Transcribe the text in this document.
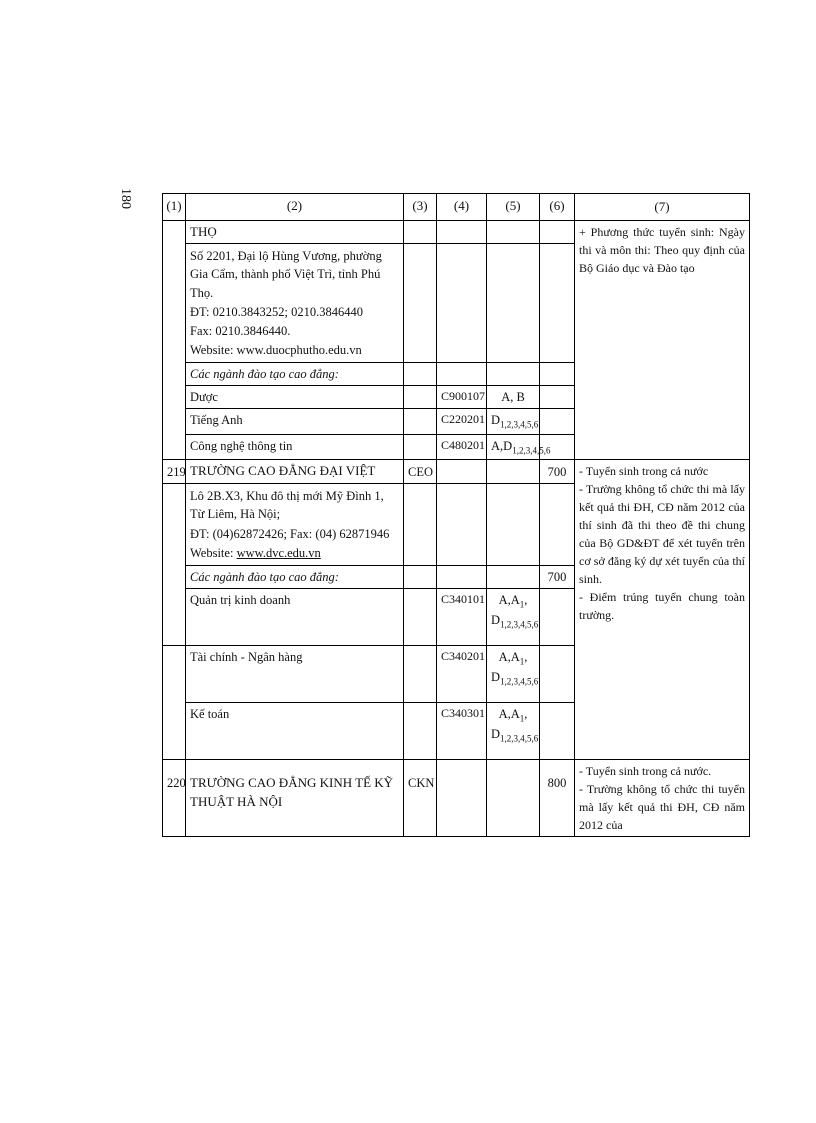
180	(1)	(2)	(3)	(4)	(5)	(6)	(7)
	THỌ					+ Phương thức tuyển sinh: Ngày thi và môn thi: Theo quy định của Bộ Giáo dục và Đào tạo

	Số 2201, Đại lộ Hùng Vương, phường Gia Cẩm, thành phố Việt Trì, tỉnh Phú Thọ.
ĐT: 0210.3843252; 0210.3846440
Fax: 0210.3846440.
Website: www.duocphutho.edu.vn					

	Các ngành đào tạo cao đẳng:					
	Dược		C900107	A, B		
	Tiếng Anh		C220201	$D_{1,2,3,4,5,6}$	
	Công nghệ thông tin		C480201	$A,D_{1,2,3,4,5,6}$	
219	TRƯỜNG CAO ĐẲNG ĐẠI VIỆT	CEO			700	- Tuyển sinh trong cả nước
- Trường không tổ chức thi mà lấy kết quả thi ĐH, CĐ năm 2012 của thí sinh đã thi theo đề thi chung của Bộ GD&ĐT để xét tuyển trên cơ sở đăng ký dự xét tuyển của thí sinh.
- Điểm trúng tuyển chung toàn trường.

	Lô 2B.X3, Khu đô thị mới Mỹ Đình 1, Từ Liêm, Hà Nội;
ĐT: (04)62872426; Fax: (04) 62871946
Website: www.dvc.edu.vn					

	Các ngành đào tạo cao đẳng:				700	
	Quản trị kinh doanh		C340101	$A,A_1$,
$D_{1,2,3,4,5,6}$

	Tài chính - Ngân hàng		C340201	$A,A_1$,
$D_{1,2,3,4,5,6}$

	Kế toán		C340301	$A,A_1$,
$D_{1,2,3,4,5,6}$

220	TRƯỜNG CAO ĐẲNG KINH TẾ KỸ THUẬT HÀ NỘI	CKN			800	- Tuyển sinh trong cả nước.
- Trường không tổ chức thi tuyển mà lấy kết quả thi ĐH, CĐ năm 2012 của
